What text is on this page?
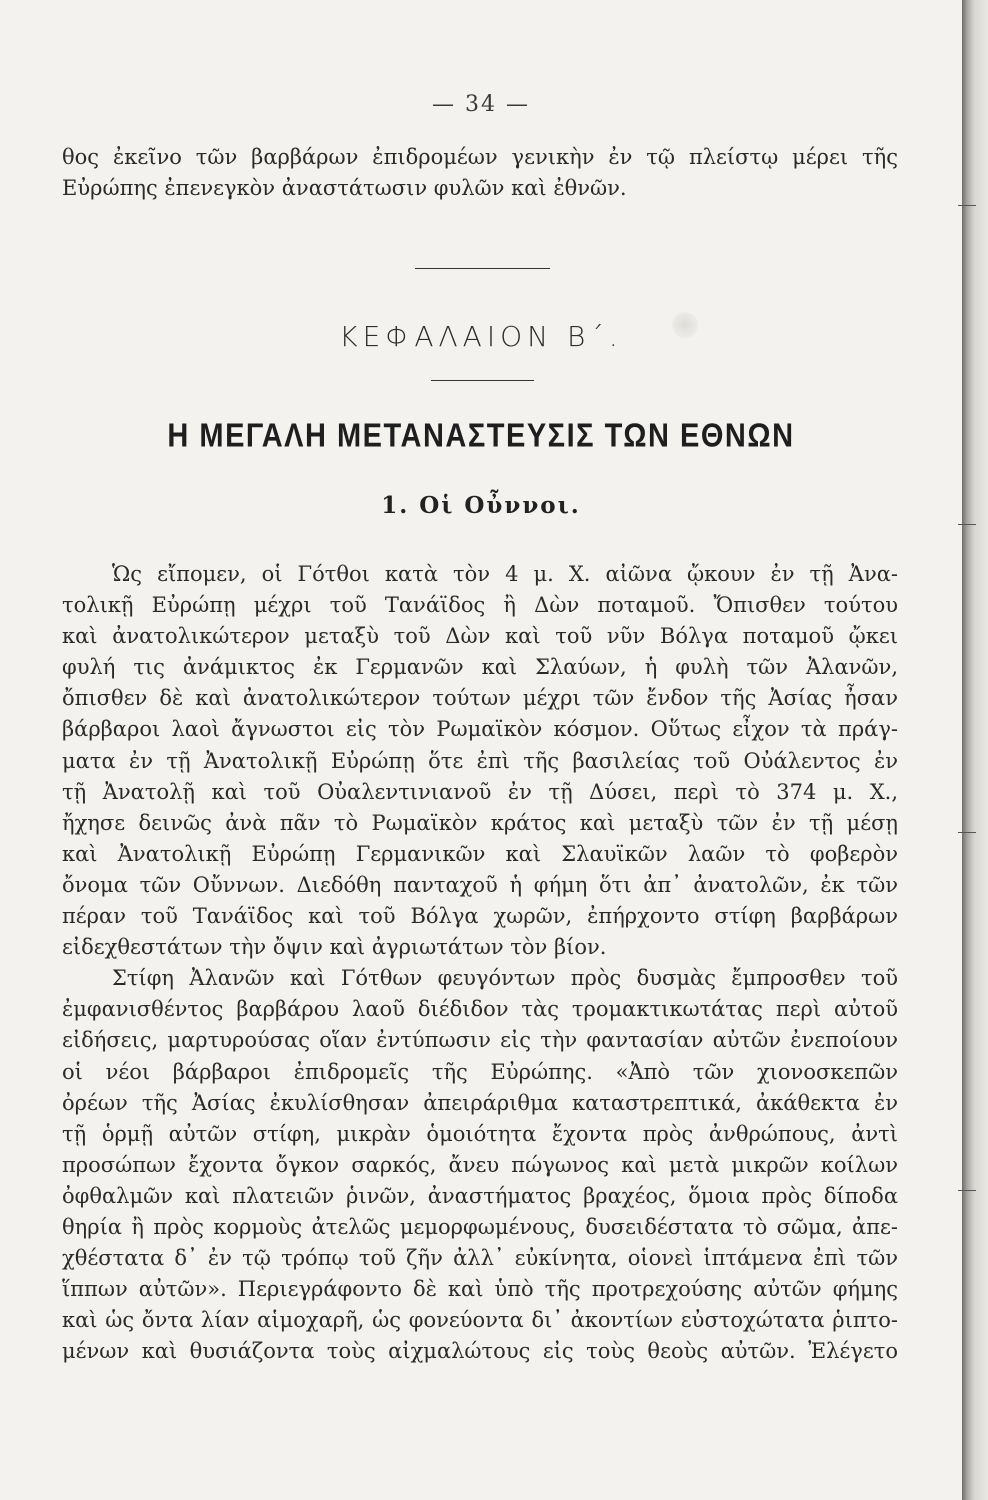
— 34 —
θος ἐκεῖνο τῶν βαρβάρων ἐπιδρομέων γενικὴν ἐν τῷ πλείστῳ μέρει τῆς
Εὐρώπης ἐπενεγκὸν ἀναστάτωσιν φυλῶν καὶ ἐθνῶν.
ΚΕΦΑΛΑΙΟΝ Β΄.
Η ΜΕΓΑΛΗ ΜΕΤΑΝΑΣΤΕΥΣΙΣ ΤΩΝ ΕΘΝΩΝ
1. Οἱ Οὖννοι.
Ὡς εἴπομεν, οἱ Γότθοι κατὰ τὸν 4 μ. Χ. αἰῶνα ᾤκουν ἐν τῇ Ἀνα-
τολικῇ Εὐρώπῃ μέχρι τοῦ Τανάϊδος ἢ Δὼν ποταμοῦ. Ὄπισθεν τούτου
καὶ ἀνατολικώτερον μεταξὺ τοῦ Δὼν καὶ τοῦ νῦν Βόλγα ποταμοῦ ᾤκει
φυλή τις ἀνάμικτος ἐκ Γερμανῶν καὶ Σλαύων, ἡ φυλὴ τῶν Ἀλανῶν,
ὄπισθεν δὲ καὶ ἀνατολικώτερον τούτων μέχρι τῶν ἔνδον τῆς Ἀσίας ἦσαν
βάρβαροι λαοὶ ἄγνωστοι εἰς τὸν Ρωμαϊκὸν κόσμον. Οὕτως εἶχον τὰ πράγ-
ματα ἐν τῇ Ἀνατολικῇ Εὐρώπῃ ὅτε ἐπὶ τῆς βασιλείας τοῦ Οὐάλεντος ἐν
τῇ Ἀνατολῇ καὶ τοῦ Οὐαλεντινιανοῦ ἐν τῇ Δύσει, περὶ τὸ 374 μ. Χ.,
ἤχησε δεινῶς ἀνὰ πᾶν τὸ Ρωμαϊκὸν κράτος καὶ μεταξὺ τῶν ἐν τῇ μέσῃ
καὶ Ἀνατολικῇ Εὐρώπῃ Γερμανικῶν καὶ Σλαυϊκῶν λαῶν τὸ φοβερὸν
ὄνομα τῶν Οὔννων. Διεδόθη πανταχοῦ ἡ φήμη ὅτι ἀπ᾿ ἀνατολῶν, ἐκ τῶν
πέραν τοῦ Τανάϊδος καὶ τοῦ Βόλγα χωρῶν, ἐπήρχοντο στίφη βαρβάρων
εἰδεχθεστάτων τὴν ὄψιν καὶ ἀγριωτάτων τὸν βίον.
Στίφη Ἀλανῶν καὶ Γότθων φευγόντων πρὸς δυσμὰς ἔμπροσθεν τοῦ
ἐμφανισθέντος βαρβάρου λαοῦ διέδιδον τὰς τρομακτικωτάτας περὶ αὐτοῦ
εἰδήσεις, μαρτυρούσας οἵαν ἐντύπωσιν εἰς τὴν φαντασίαν αὐτῶν ἐνεποίουν
οἱ νέοι βάρβαροι ἐπιδρομεῖς τῆς Εὐρώπης. «Ἀπὸ τῶν χιονοσκεπῶν
ὀρέων τῆς Ἀσίας ἐκυλίσθησαν ἀπειράριθμα καταστρεπτικά, ἀκάθεκτα ἐν
τῇ ὁρμῇ αὐτῶν στίφη, μικρὰν ὁμοιότητα ἔχοντα πρὸς ἀνθρώπους, ἀντὶ
προσώπων ἔχοντα ὄγκον σαρκός, ἄνευ πώγωνος καὶ μετὰ μικρῶν κοίλων
ὀφθαλμῶν καὶ πλατειῶν ῥινῶν, ἀναστήματος βραχέος, ὅμοια πρὸς δίποδα
θηρία ἢ πρὸς κορμοὺς ἀτελῶς μεμορφωμένους, δυσειδέστατα τὸ σῶμα, ἀπε-
χθέστατα δ᾿ ἐν τῷ τρόπῳ τοῦ ζῆν ἀλλ᾿ εὐκίνητα, οἱονεὶ ἱπτάμενα ἐπὶ τῶν
ἵππων αὐτῶν». Περιεγράφοντο δὲ καὶ ὑπὸ τῆς προτρεχούσης αὐτῶν φήμης
καὶ ὡς ὄντα λίαν αἱμοχαρῆ, ὡς φονεύοντα δι᾿ ἀκοντίων εὐστοχώτατα ῥιπτο-
μένων καὶ θυσιάζοντα τοὺς αἰχμαλώτους εἰς τοὺς θεοὺς αὐτῶν. Ἐλέγετο
